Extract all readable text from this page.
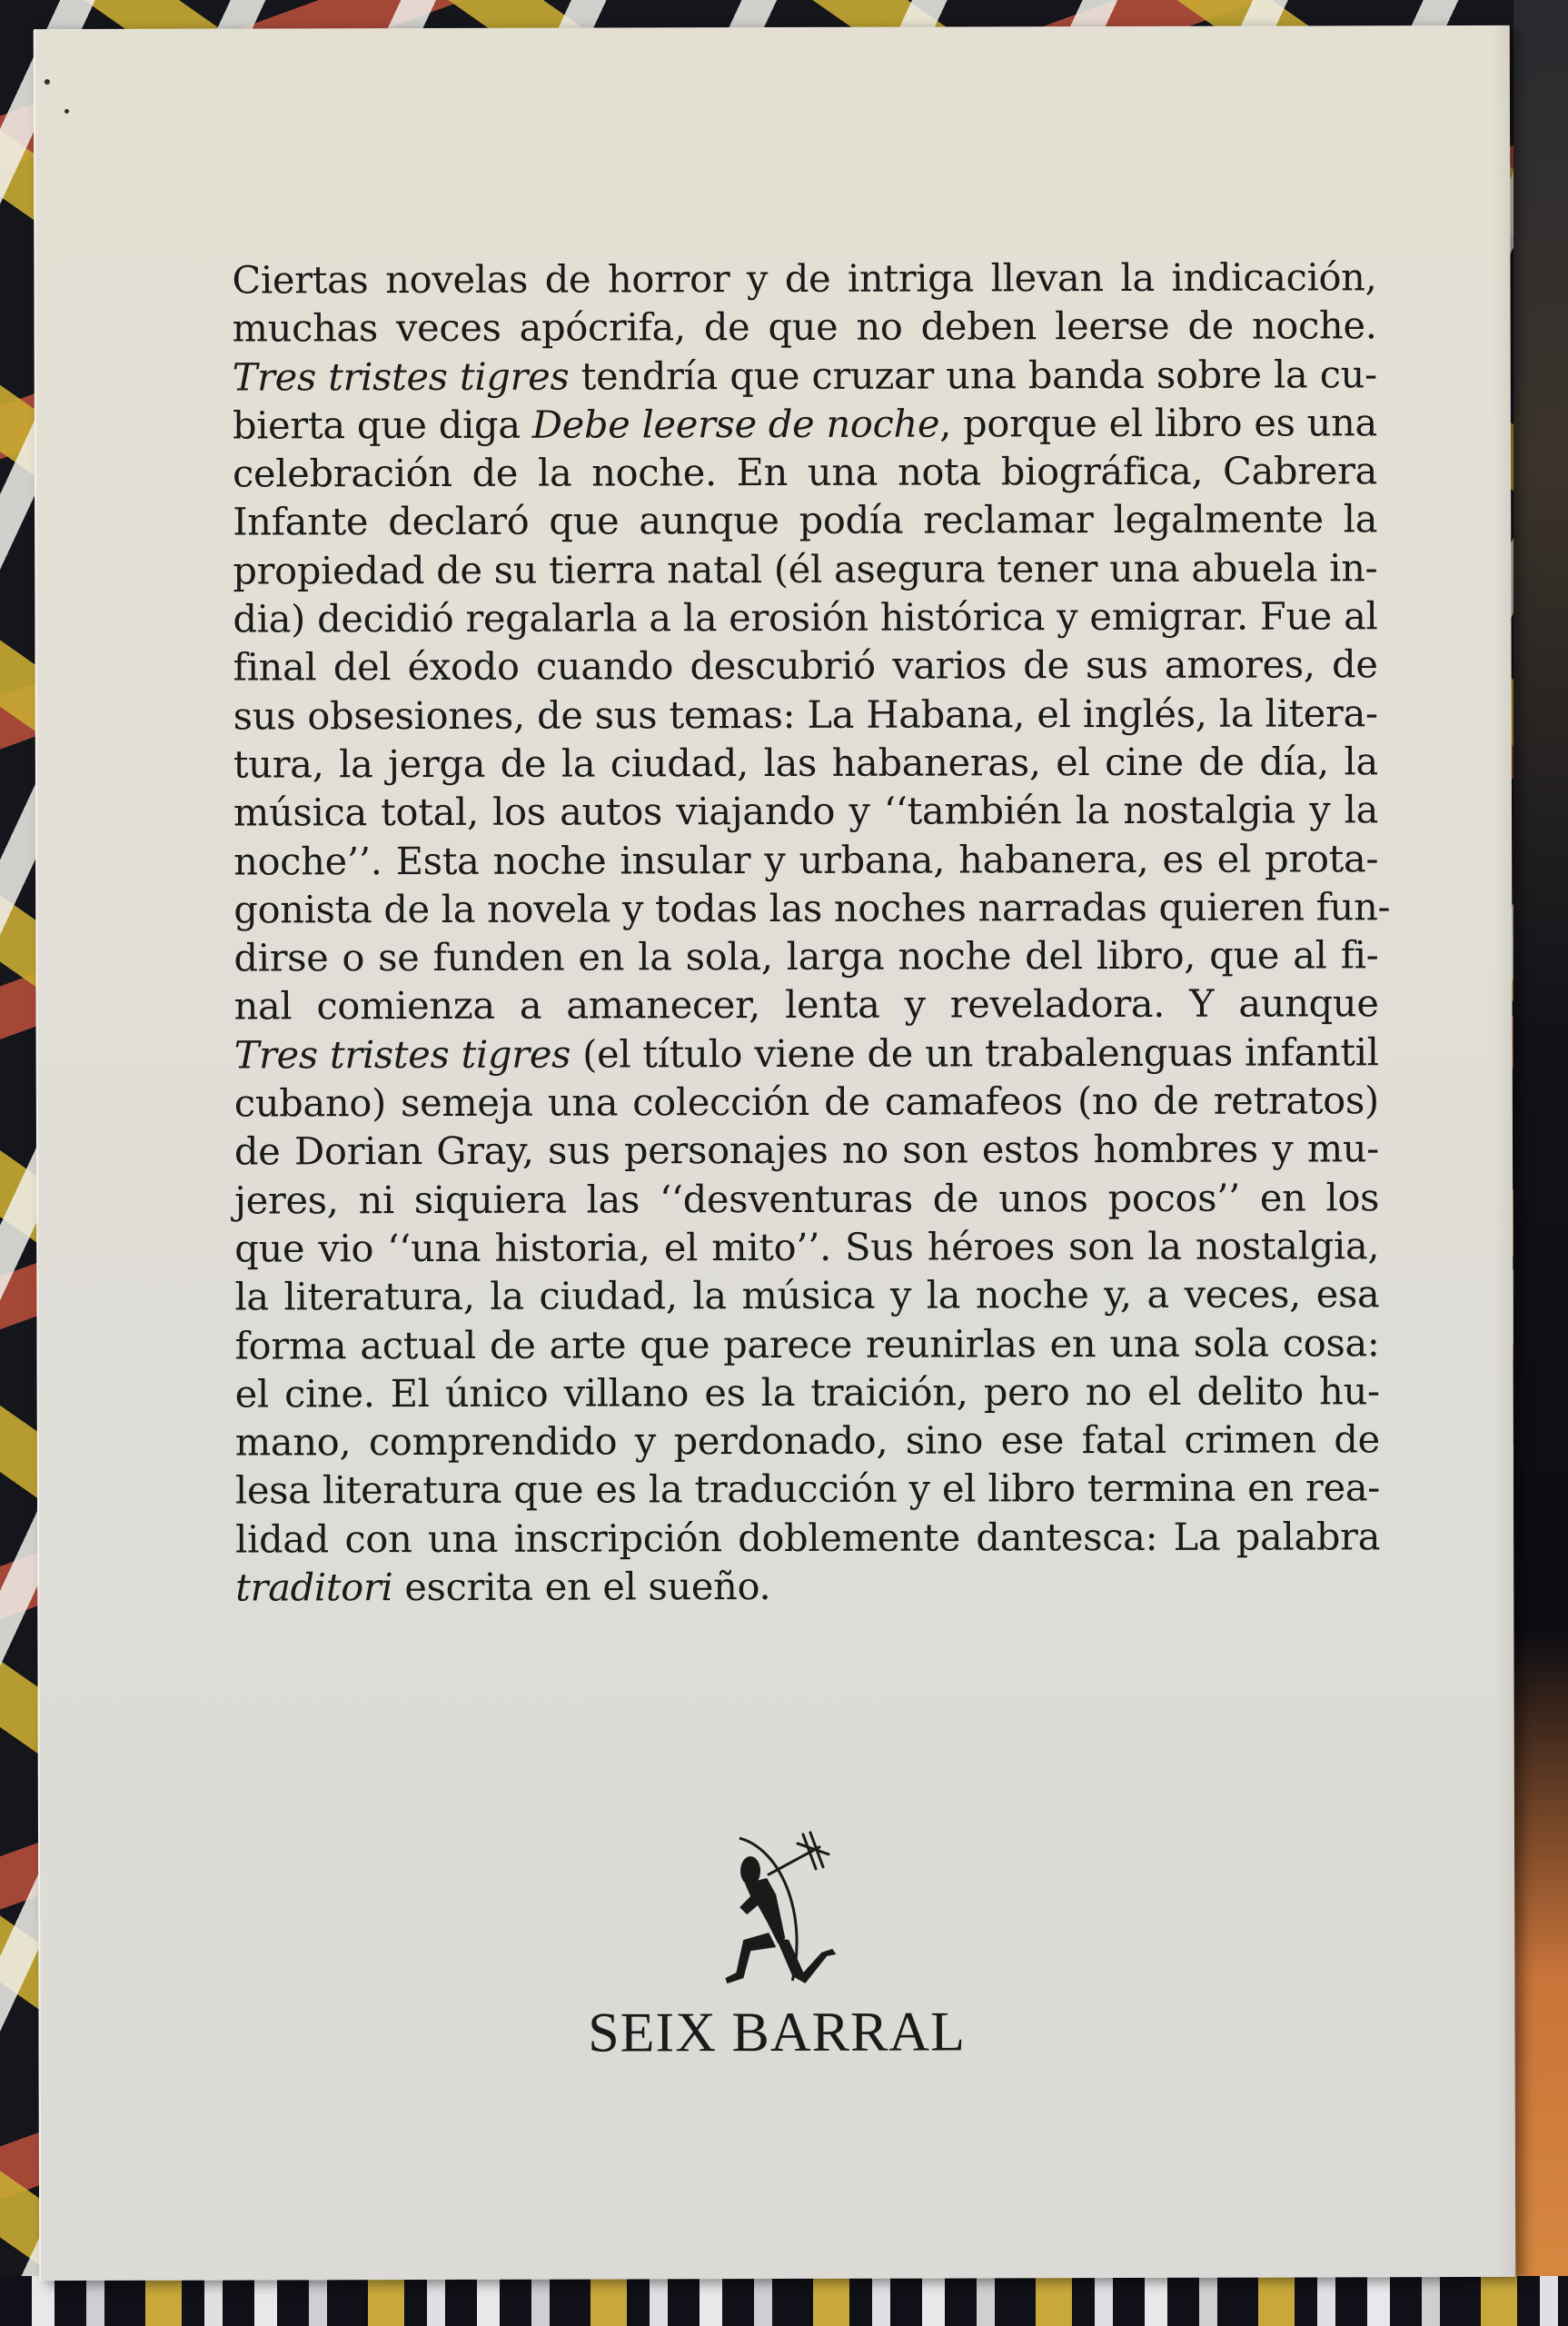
Ciertas novelas de horror y de intriga llevan la indicación,
muchas veces apócrifa, de que no deben leerse de noche.
Tres tristes tigres tendría que cruzar una banda sobre la cu-
bierta que diga Debe leerse de noche, porque el libro es una
celebración de la noche. En una nota biográfica, Cabrera
Infante declaró que aunque podía reclamar legalmente la
propiedad de su tierra natal (él asegura tener una abuela in-
dia) decidió regalarla a la erosión histórica y emigrar. Fue al
final del éxodo cuando descubrió varios de sus amores, de
sus obsesiones, de sus temas: La Habana, el inglés, la litera-
tura, la jerga de la ciudad, las habaneras, el cine de día, la
música total, los autos viajando y ‘‘también la nostalgia y la
noche’’. Esta noche insular y urbana, habanera, es el prota-
gonista de la novela y todas las noches narradas quieren fun-
dirse o se funden en la sola, larga noche del libro, que al fi-
nal comienza a amanecer, lenta y reveladora. Y aunque
Tres tristes tigres (el título viene de un trabalenguas infantil
cubano) semeja una colección de camafeos (no de retratos)
de Dorian Gray, sus personajes no son estos hombres y mu-
jeres, ni siquiera las ‘‘desventuras de unos pocos’’ en los
que vio ‘‘una historia, el mito’’. Sus héroes son la nostalgia,
la literatura, la ciudad, la música y la noche y, a veces, esa
forma actual de arte que parece reunirlas en una sola cosa:
el cine. El único villano es la traición, pero no el delito hu-
mano, comprendido y perdonado, sino ese fatal crimen de
lesa literatura que es la traducción y el libro termina en rea-
lidad con una inscripción doblemente dantesca: La palabra
traditori escrita en el sueño.
SEIX BARRAL
